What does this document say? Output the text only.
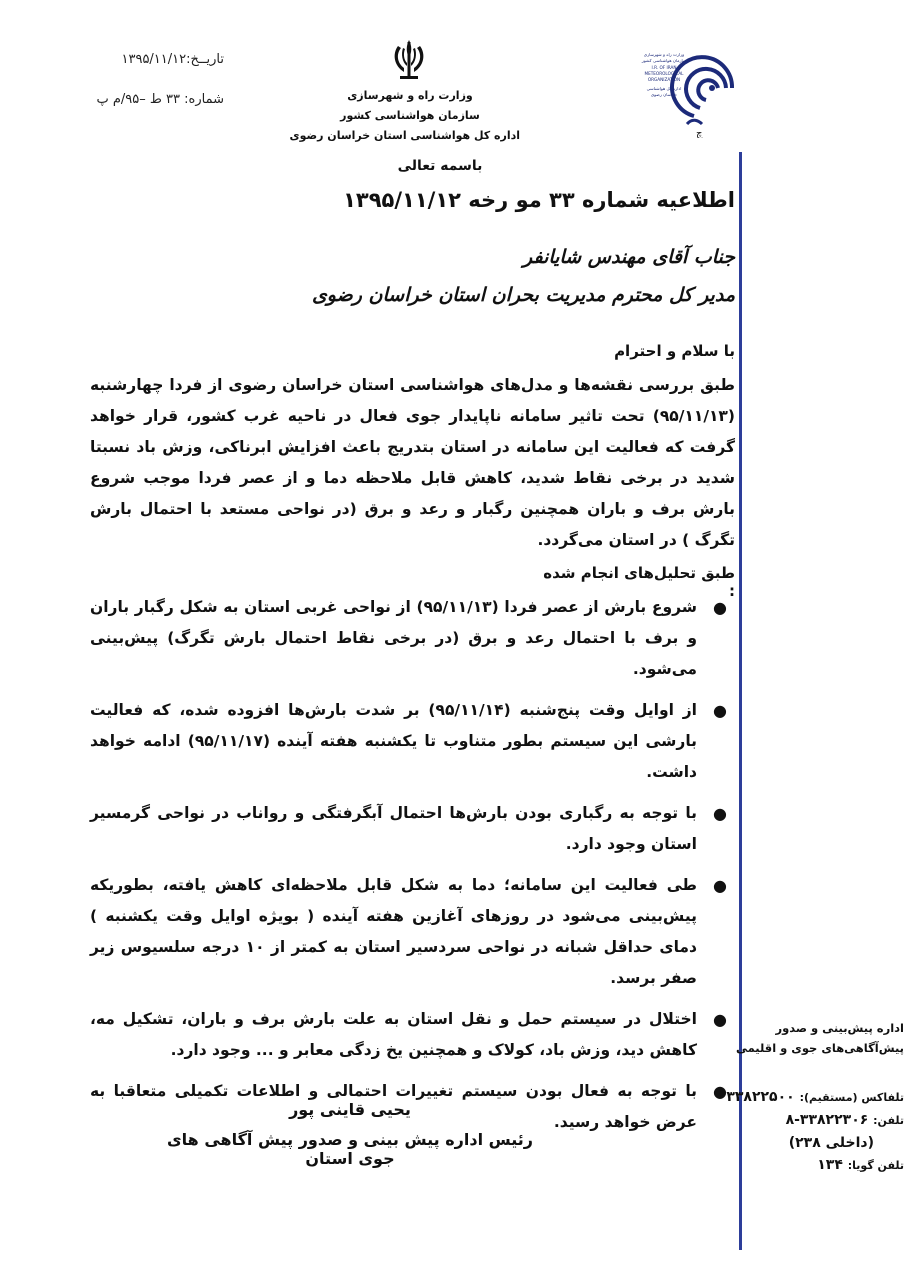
تاریــخ:۱۳۹۵/۱۱/۱۲
شماره: ۳۳ ط –۹۵/م پ	وزارت راه و شهرسازی
سازمان هواشناسی کشور
اداره کل هواشناسی استان خراسان رضوی
وزارت راه و شهرسازی
سازمان هواشناسی کشور
I.R. OF IRAN
METEOROLOGICAL
ORGANIZATION
اداره کل هواشناسی
خراسان رضوی
چ
باسمه تعالی
اطلاعیه شماره ۳۳ مو رخه ۱۳۹۵/۱۱/۱۲
جناب آقای مهندس شایانفر
مدیر کل محترم مدیریت بحران استان خراسان رضوی
با سلام و احترام

طبق بررسی نقشه‌ها و مدل‌های هواشناسی استان خراسان رضوی از فردا چهارشنبه (۹۵/۱۱/۱۳) تحت تاثیر سامانه ناپایدار جوی فعال در ناحیه غرب کشور، قرار خواهد گرفت که فعالیت این سامانه در استان بتدریج باعث افزایش ابرناکی، وزش باد نسبتا شدید در برخی نقاط شدید، کاهش قابل ملاحظه دما و از عصر فردا موجب شروع بارش برف و باران همچنین رگبار و رعد و برق (در نواحی مستعد با احتمال بارش تگرگ ) در استان می‌گردد.

طبق تحلیل‌های انجام شده :
●
شروع بارش از عصر فردا (۹۵/۱۱/۱۳) از نواحی غربی استان به شکل رگبار باران و برف با احتمال رعد و برق (در برخی نقاط احتمال بارش تگرگ) پیش‌بینی می‌شود.
●
از اوایل وقت پنج‌شنبه (۹۵/۱۱/۱۴) بر شدت بارش‌ها افزوده شده، که فعالیت بارشی این سیستم بطور متناوب تا یکشنبه هفته آینده (۹۵/۱۱/۱۷) ادامه خواهد داشت.
●
با توجه به رگباری بودن بارش‌ها احتمال آبگرفتگی و رواناب در نواحی گرمسیر استان وجود دارد.
●
طی فعالیت این سامانه؛ دما به شکل قابل ملاحظه‌ای کاهش یافته، بطوریکه پیش‌بینی می‌شود در روزهای آغازین هفته آینده ( بویژه اوایل وقت یکشنبه ) دمای حداقل شبانه در نواحی سردسیر استان به کمتر از ۱۰ درجه سلسیوس زیر صفر برسد.
●
اختلال در سیستم حمل و نقل استان به علت بارش برف و باران، تشکیل مه، کاهش دید، وزش باد، کولاک و همچنین یخ زدگی معابر و ... وجود دارد.
●
با توجه به فعال بودن سیستم تغییرات احتمالی و اطلاعات تکمیلی متعاقبا به عرض خواهد رسید.
یحیی قاینی پور
رئیس اداره پیش بینی و صدور پیش آگاهی های جوی استان
اداره پیش‌بینی و صدور
پیش‌آگاهی‌های جوی و اقلیمی
تلفاکس (مستقیم): ۳۳۸۲۲۵۰۰
تلفن: ۳۳۸۲۲۳۰۶-۸
(داخلی ۲۳۸)
تلفن گویا: ۱۳۴
